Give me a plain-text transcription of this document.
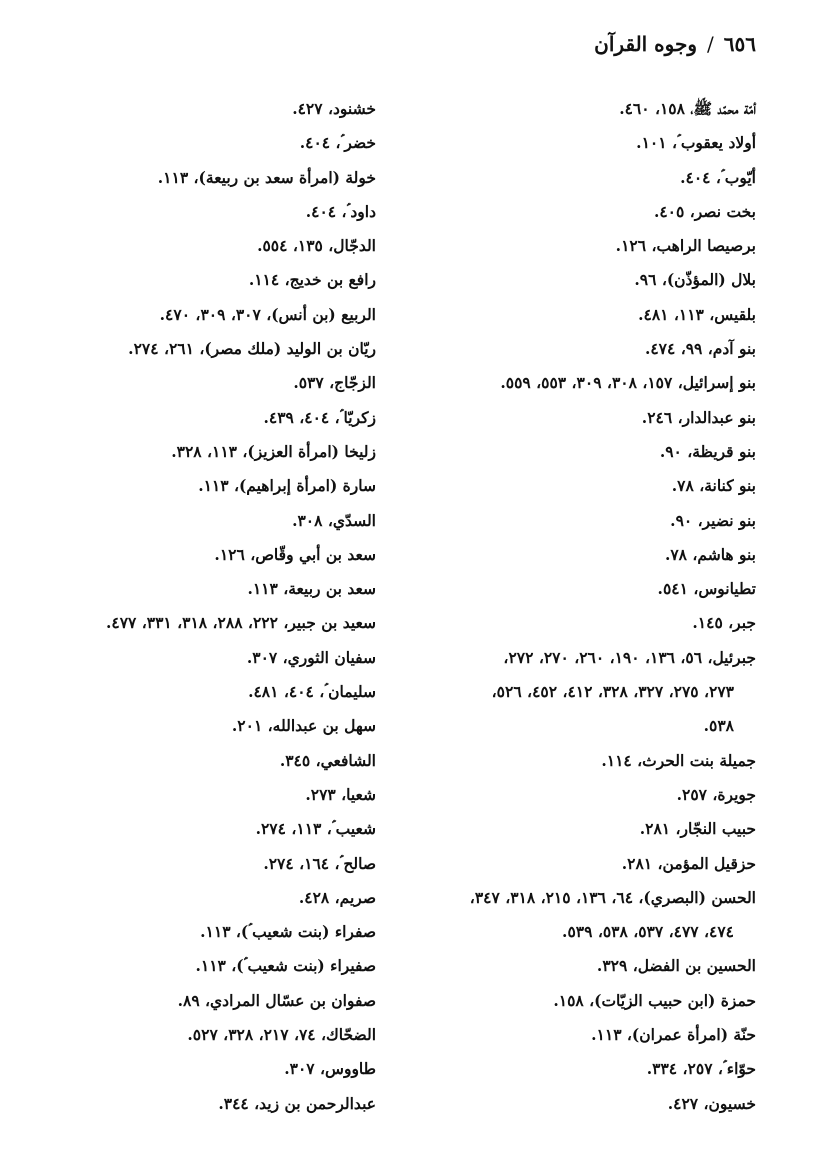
٦٥٦/وجوه القرآن
أمّة محمّد ﷺ، ١٥٨، ٤٦٠.
أولاد يعقوب ؑ، ١٠١.
أيّوب ؑ، ٤٠٤.
بخت نصر، ٤٠٥.
برصيصا الراهب، ١٢٦.
بلال (المؤذّن)، ٩٦.
بلقيس، ١١٣، ٤٨١.
بنو آدم، ٩٩، ٤٧٤.
بنو إسرائيل، ١٥٧، ٣٠٨، ٣٠٩، ٥٥٣، ٥٥٩.
بنو عبدالدار، ٢٤٦.
بنو قريظة، ٩٠.
بنو كنانة، ٧٨.
بنو نضير، ٩٠.
بنو هاشم، ٧٨.
تطيانوس، ٥٤١.
جبر، ١٤٥.
جبرئيل، ٥٦، ١٣٦، ١٩٠، ٢٦٠، ٢٧٠، ٢٧٢،
٢٧٣، ٢٧٥، ٣٢٧، ٣٢٨، ٤١٢، ٤٥٢، ٥٢٦،
٥٣٨.
جميلة بنت الحرث، ١١٤.
جويرة، ٢٥٧.
حبيب النجّار، ٢٨١.
حزقيل المؤمن، ٢٨١.
الحسن (البصري)، ٦٤، ١٣٦، ٢١٥، ٣١٨، ٣٤٧،
٤٧٤، ٤٧٧، ٥٣٧، ٥٣٨، ٥٣٩.
الحسين بن الفضل، ٣٢٩.
حمزة (ابن حبيب الزيّات)، ١٥٨.
حنّة (امرأة عمران)، ١١٣.
حوّاء ؑ، ٢٥٧، ٣٣٤.
خسيون، ٤٢٧.
خشنود، ٤٢٧.
خضر ؑ، ٤٠٤.
خولة (امرأة سعد بن ربيعة)، ١١٣.
داود ؑ، ٤٠٤.
الدجّال، ١٣٥، ٥٥٤.
رافع بن خديج، ١١٤.
الربيع (بن أنس)، ٣٠٧، ٣٠٩، ٤٧٠.
ريّان بن الوليد (ملك مصر)، ٢٦١، ٢٧٤.
الزجّاج، ٥٣٧.
زكريّا ؑ، ٤٠٤، ٤٣٩.
زليخا (امرأة العزيز)، ١١٣، ٣٢٨.
سارة (امرأة إبراهيم)، ١١٣.
السدّي، ٣٠٨.
سعد بن أبي وقّاص، ١٢٦.
سعد بن ربيعة، ١١٣.
سعيد بن جبير، ٢٢٢، ٢٨٨، ٣١٨، ٣٣١، ٤٧٧.
سفيان الثوري، ٣٠٧.
سليمان ؑ، ٤٠٤، ٤٨١.
سهل بن عبدالله، ٢٠١.
الشافعي، ٣٤٥.
شعيا، ٢٧٣.
شعيب ؑ، ١١٣، ٢٧٤.
صالح ؑ، ١٦٤، ٢٧٤.
صريم، ٤٢٨.
صفراء (بنت شعيب ؑ)، ١١٣.
صفيراء (بنت شعيب ؑ)، ١١٣.
صفوان بن عسّال المرادي، ٨٩.
الضحّاك، ٧٤، ٢١٧، ٣٢٨، ٥٢٧.
طاووس، ٣٠٧.
عبدالرحمن بن زيد، ٣٤٤.
